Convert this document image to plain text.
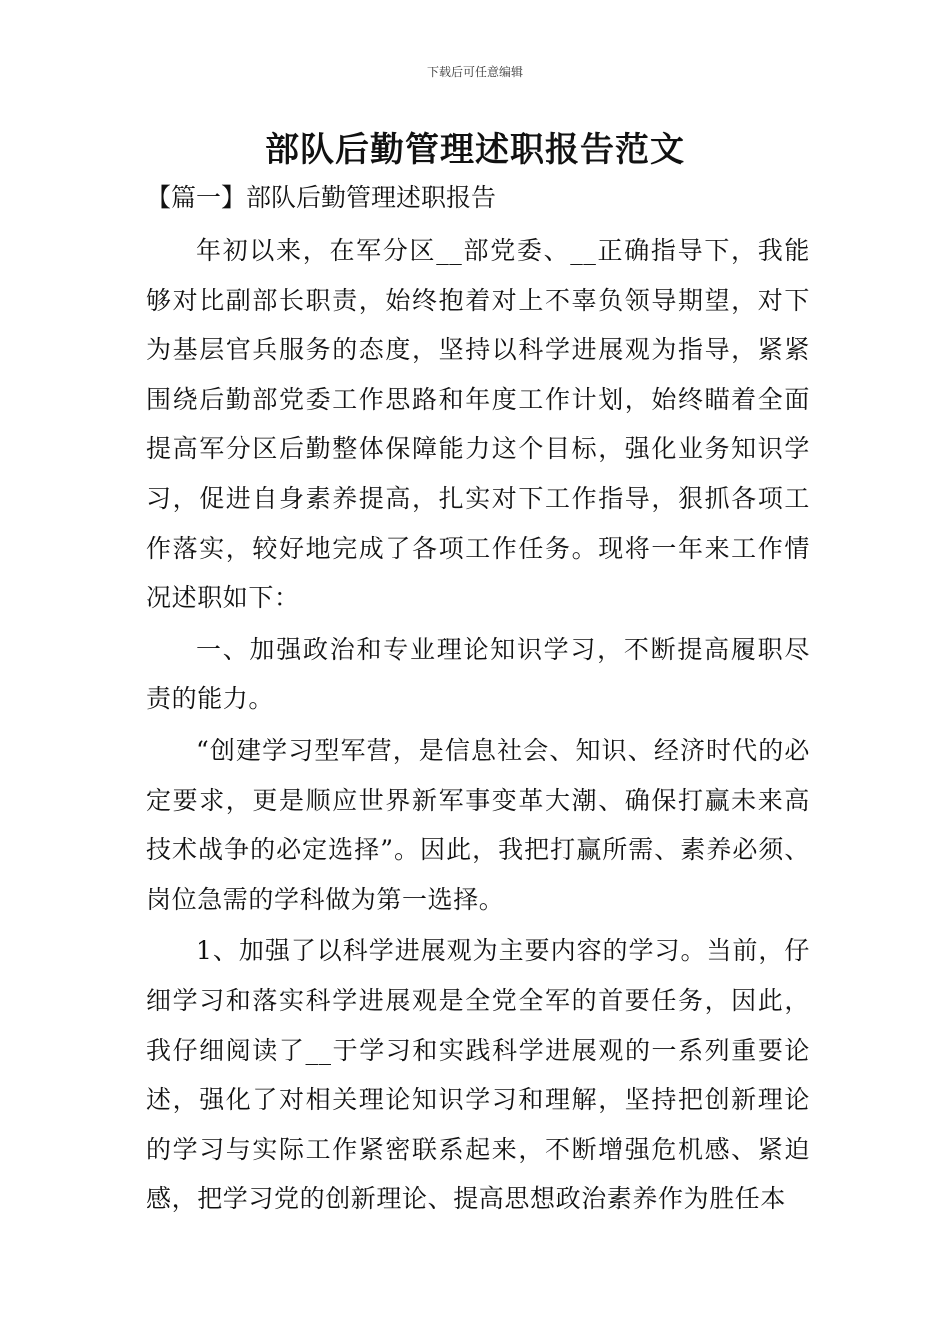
下载后可任意编辑
部队后勤管理述职报告范文
【篇一】部队后勤管理述职报告

年初以来，在军分区__部党委、__正确指导下，我能够对比副部长职责，始终抱着对上不辜负领导期望，对下为基层官兵服务的态度，坚持以科学进展观为指导，紧紧围绕后勤部党委工作思路和年度工作计划，始终瞄着全面提高军分区后勤整体保障能力这个目标，强化业务知识学习，促进自身素养提高，扎实对下工作指导，狠抓各项工作落实，较好地完成了各项工作任务。现将一年来工作情况述职如下：

一、加强政治和专业理论知识学习，不断提高履职尽责的能力。

“创建学习型军营，是信息社会、知识、经济时代的必定要求，更是顺应世界新军事变革大潮、确保打赢未来高技术战争的必定选择”。因此，我把打赢所需、素养必须、岗位急需的学科做为第一选择。

1、加强了以科学进展观为主要内容的学习。当前，仔细学习和落实科学进展观是全党全军的首要任务，因此，我仔细阅读了__于学习和实践科学进展观的一系列重要论述，强化了对相关理论知识学习和理解，坚持把创新理论的学习与实际工作紧密联系起来，不断增强危机感、紧迫感，把学习党的创新理论、提高思想政治素养作为胜任本
